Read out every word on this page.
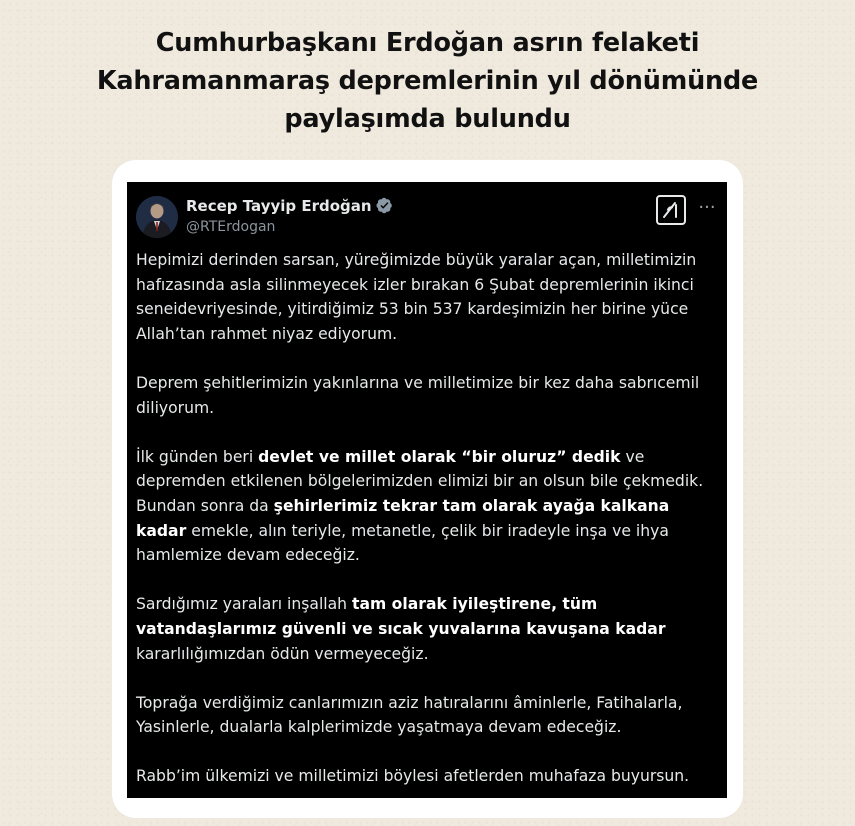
Cumhurbaşkanı Erdoğan asrın felaketi
Kahramanmaraş depremlerinin yıl dönümünde
paylaşımda bulundu
Recep Tayyip Erdoğan
@RTErdogan
···

Hepimizi derinden sarsan, yüreğimizde büyük yaralar açan, milletimizin hafızasında asla silinmeyecek izler bırakan 6 Şubat depremlerinin ikinci seneidevriyesinde, yitirdiğimiz 53 bin 537 kardeşimizin her birine yüce Allah’tan rahmet niyaz ediyorum.

Deprem şehitlerimizin yakınlarına ve milletimize bir kez daha sabrıcemil diliyorum.

İlk günden beri devlet ve millet olarak “bir oluruz” dedik ve depremden etkilenen bölgelerimizden elimizi bir an olsun bile çekmedik. Bundan sonra da şehirlerimiz tekrar tam olarak ayağa kalkana kadar emekle, alın teriyle, metanetle, çelik bir iradeyle inşa ve ihya hamlemize devam edeceğiz.

Sardığımız yaraları inşallah tam olarak iyileştirene, tüm vatandaşlarımız güvenli ve sıcak yuvalarına kavuşana kadar kararlılığımızdan ödün vermeyeceğiz.

Toprağa verdiğimiz canlarımızın aziz hatıralarını âminlerle, Fatihalarla, Yasinlerle, dualarla kalplerimizde yaşatmaya devam edeceğiz.

Rabb’im ülkemizi ve milletimizi böylesi afetlerden muhafaza buyursun.
